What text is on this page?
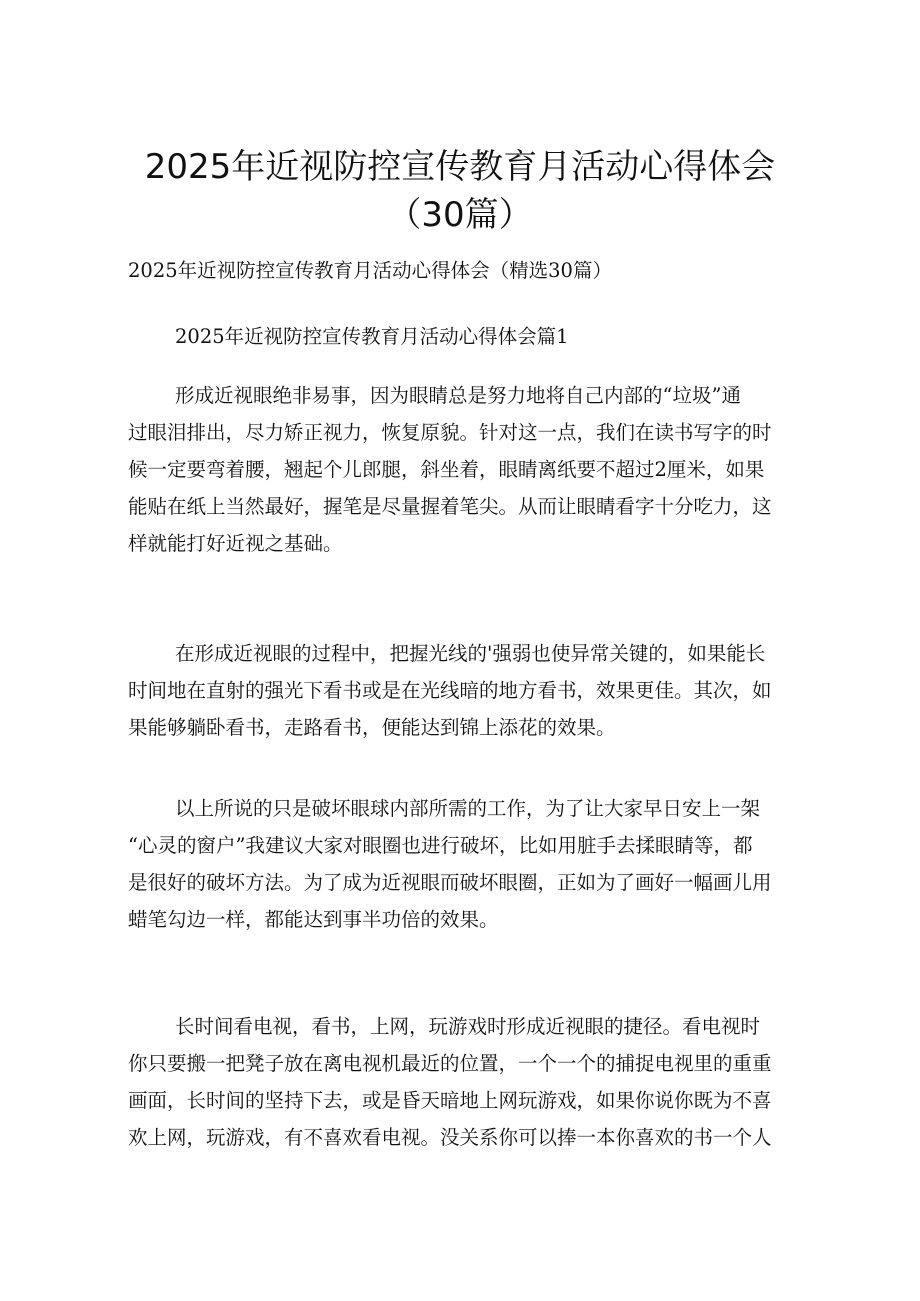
2025年近视防控宣传教育月活动心得体会
（30篇）
2025年近视防控宣传教育月活动心得体会（精选30篇）
2025年近视防控宣传教育月活动心得体会篇1
形成近视眼绝非易事，因为眼睛总是努力地将自己内部的“垃圾”通
过眼泪排出，尽力矫正视力，恢复原貌。针对这一点，我们在读书写字的时
候一定要弯着腰，翘起个儿郎腿，斜坐着，眼睛离纸要不超过2厘米，如果
能贴在纸上当然最好，握笔是尽量握着笔尖。从而让眼睛看字十分吃力，这
样就能打好近视之基础。
在形成近视眼的过程中，把握光线的'强弱也使异常关键的，如果能长
时间地在直射的强光下看书或是在光线暗的地方看书，效果更佳。其次，如
果能够躺卧看书，走路看书，便能达到锦上添花的效果。
以上所说的只是破坏眼球内部所需的工作，为了让大家早日安上一架
“心灵的窗户”我建议大家对眼圈也进行破坏，比如用脏手去揉眼睛等，都
是很好的破坏方法。为了成为近视眼而破坏眼圈，正如为了画好一幅画儿用
蜡笔勾边一样，都能达到事半功倍的效果。
长时间看电视，看书，上网，玩游戏时形成近视眼的捷径。看电视时
你只要搬一把凳子放在离电视机最近的位置，一个一个的捕捉电视里的重重
画面，长时间的坚持下去，或是昏天暗地上网玩游戏，如果你说你既为不喜
欢上网，玩游戏，有不喜欢看电视。没关系你可以捧一本你喜欢的书一个人
